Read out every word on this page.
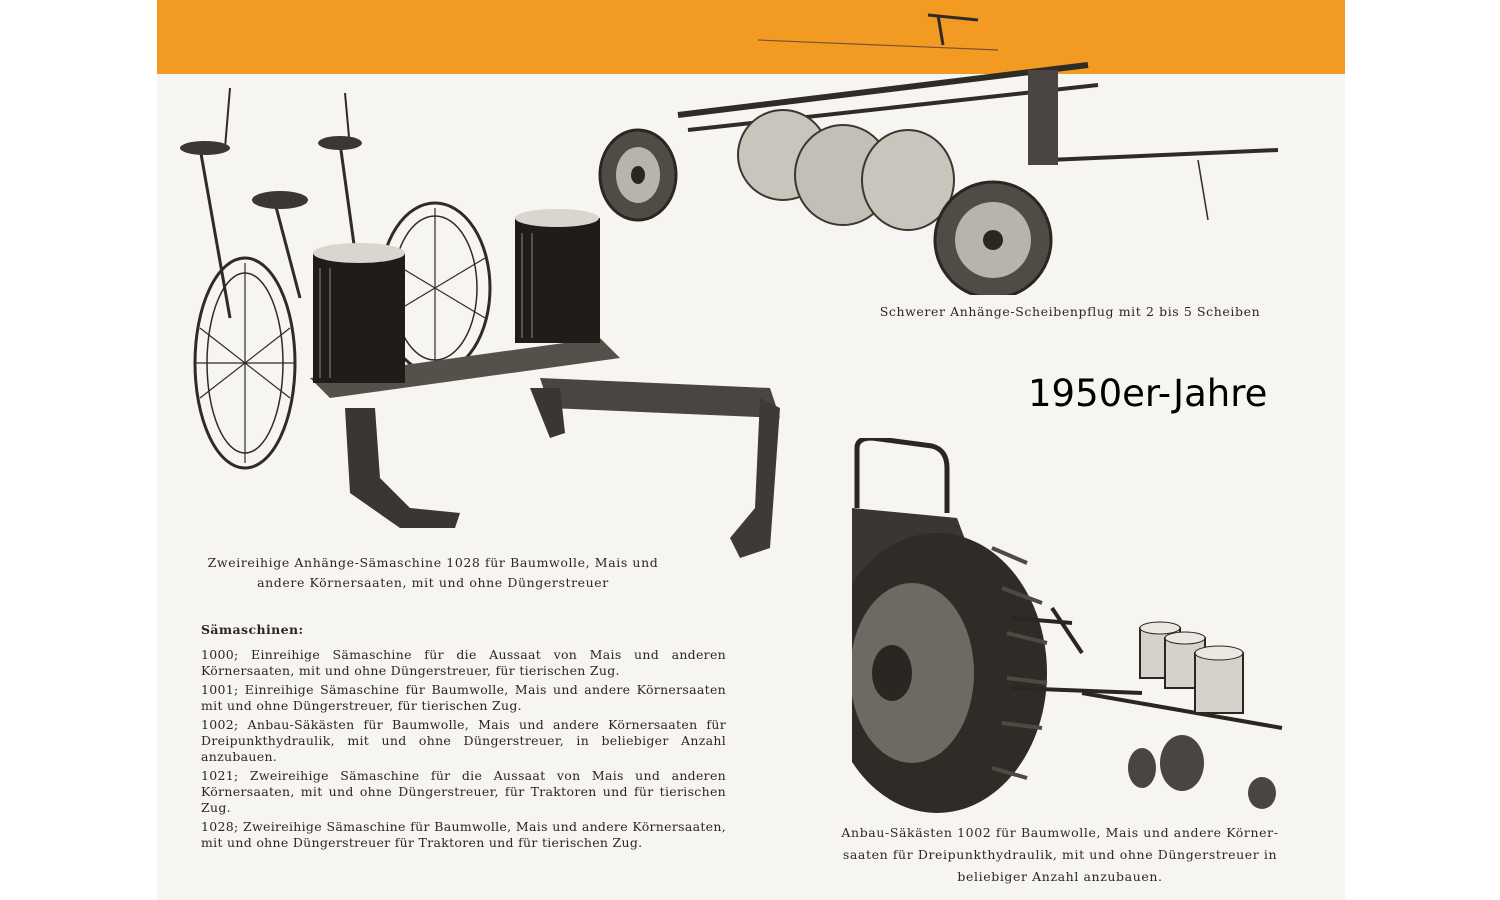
Zweireihige Anhänge-Sämaschine 1028 für Baumwolle, Mais und
andere Körnersaaten, mit und ohne Düngerstreuer
Schwerer Anhänge-Scheibenpflug mit 2 bis 5 Scheiben
1950er-Jahre
Anbau-Säkästen 1002 für Baumwolle, Mais und andere Körner-
saaten für Dreipunkthydraulik, mit und ohne Düngerstreuer in
beliebiger Anzahl anzubauen.
Sämaschinen:
1000; Einreihige Sämaschine für die Aussaat von Mais und anderen Körnersaaten, mit und ohne Düngerstreuer, für tierischen Zug.
1001; Einreihige Sämaschine für Baumwolle, Mais und andere Körnersaaten mit und ohne Düngerstreuer, für tierischen Zug.
1002; Anbau-Säkästen für Baumwolle, Mais und andere Körnersaaten für Dreipunkthydraulik, mit und ohne Düngerstreuer, in beliebiger Anzahl anzubauen.
1021; Zweireihige Sämaschine für die Aussaat von Mais und anderen Körnersaaten, mit und ohne Düngerstreuer, für Traktoren und für tierischen Zug.
1028; Zweireihige Sämaschine für Baumwolle, Mais und andere Körnersaaten, mit und ohne Düngerstreuer für Traktoren und für tierischen Zug.
